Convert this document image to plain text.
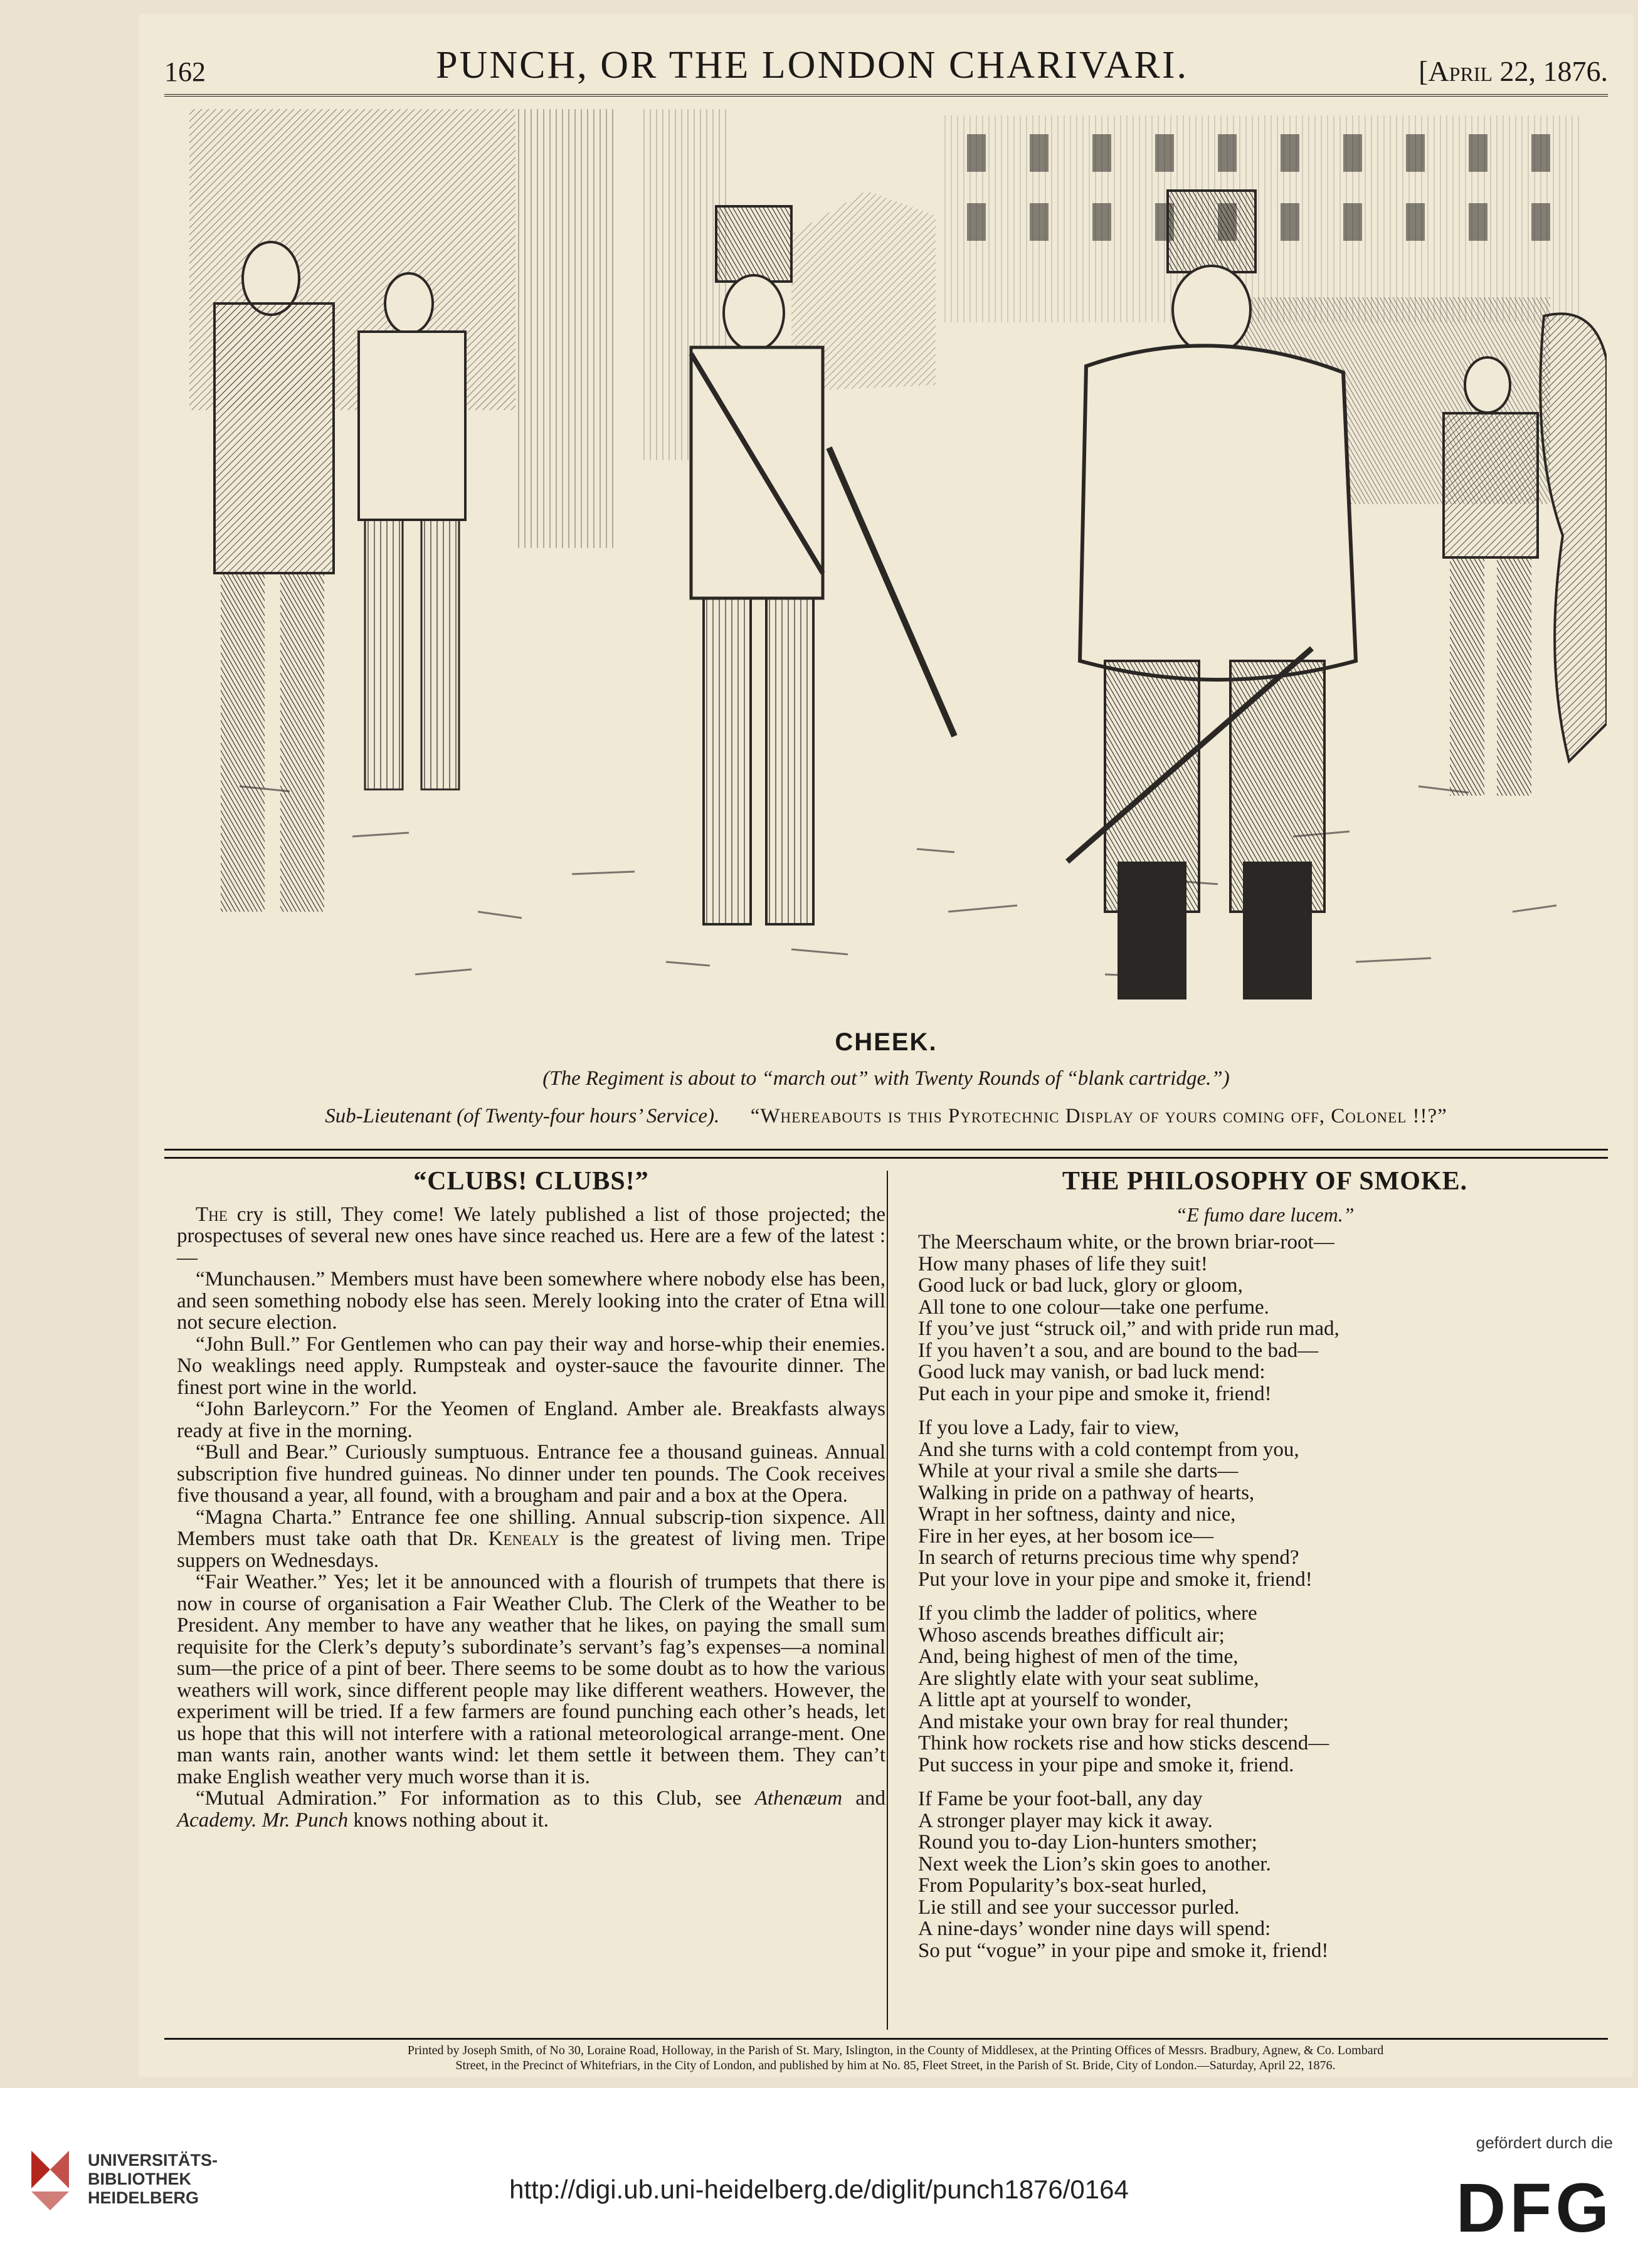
162	PUNCH, OR THE LONDON CHARIVARI.	[April 22, 1876.
CHEEK.
(The Regiment is about to “march out” with Twenty Rounds of “blank cartridge.”)
Sub-Lieutenant (of Twenty-four hours’ Service).   “Whereabouts is this Pyrotechnic Display of yours coming off, Colonel !!?”
“CLUBS! CLUBS!”

The cry is still, They come! We lately published a list of those projected; the prospectuses of several new ones have since reached us. Here are a few of the latest :—

“Munchausen.” Members must have been somewhere where nobody else has been, and seen something nobody else has seen. Merely looking into the crater of Etna will not secure election.

“John Bull.” For Gentlemen who can pay their way and horse-whip their enemies. No weaklings need apply. Rumpsteak and oyster-sauce the favourite dinner. The finest port wine in the world.

“John Barleycorn.” For the Yeomen of England. Amber ale. Breakfasts always ready at five in the morning.

“Bull and Bear.” Curiously sumptuous. Entrance fee a thousand guineas. Annual subscription five hundred guineas. No dinner under ten pounds. The Cook receives five thousand a year, all found, with a brougham and pair and a box at the Opera.

“Magna Charta.” Entrance fee one shilling. Annual subscrip-tion sixpence. All Members must take oath that Dr. Kenealy is the greatest of living men. Tripe suppers on Wednesdays.

“Fair Weather.” Yes; let it be announced with a flourish of trumpets that there is now in course of organisation a Fair Weather Club. The Clerk of the Weather to be President. Any member to have any weather that he likes, on paying the small sum requisite for the Clerk’s deputy’s subordinate’s servant’s fag’s expenses—a nominal sum—the price of a pint of beer. There seems to be some doubt as to how the various weathers will work, since different people may like different weathers. However, the experiment will be tried. If a few farmers are found punching each other’s heads, let us hope that this will not interfere with a rational meteorological arrange-ment. One man wants rain, another wants wind: let them settle it between them. They can’t make English weather very much worse than it is.

“Mutual Admiration.” For information as to this Club, see Athenæum and Academy. Mr. Punch knows nothing about it.

THE PHILOSOPHY OF SMOKE.

“E fumo dare lucem.”

The Meerschaum white, or the brown briar-root—
How many phases of life they suit!
Good luck or bad luck, glory or gloom,
All tone to one colour—take one perfume.
If you’ve just “struck oil,” and with pride run mad,
If you haven’t a sou, and are bound to the bad—
Good luck may vanish, or bad luck mend:
Put each in your pipe and smoke it, friend!
If you love a Lady, fair to view,
And she turns with a cold contempt from you,
While at your rival a smile she darts—
Walking in pride on a pathway of hearts,
Wrapt in her softness, dainty and nice,
Fire in her eyes, at her bosom ice—
In search of returns precious time why spend?
Put your love in your pipe and smoke it, friend!
If you climb the ladder of politics, where
Whoso ascends breathes difficult air;
And, being highest of men of the time,
Are slightly elate with your seat sublime,
A little apt at yourself to wonder,
And mistake your own bray for real thunder;
Think how rockets rise and how sticks descend—
Put success in your pipe and smoke it, friend.
If Fame be your foot-ball, any day
A stronger player may kick it away.
Round you to-day Lion-hunters smother;
Next week the Lion’s skin goes to another.
From Popularity’s box-seat hurled,
Lie still and see your successor purled.
A nine-days’ wonder nine days will spend:
So put “vogue” in your pipe and smoke it, friend!
Printed by Joseph Smith, of No 30, Loraine Road, Holloway, in the Parish of St. Mary, Islington, in the County of Middlesex, at the Printing Offices of Messrs. Bradbury, Agnew, & Co. Lombard
Street, in the Precinct of Whitefriars, in the City of London, and published by him at No. 85, Fleet Street, in the Parish of St. Bride, City of London.—Saturday, April 22, 1876.
UNIVERSITÄTS-
BIBLIOTHEK
HEIDELBERG	http://digi.ub.uni-heidelberg.de/diglit/punch1876/0164
gefördert durch die
DFG
